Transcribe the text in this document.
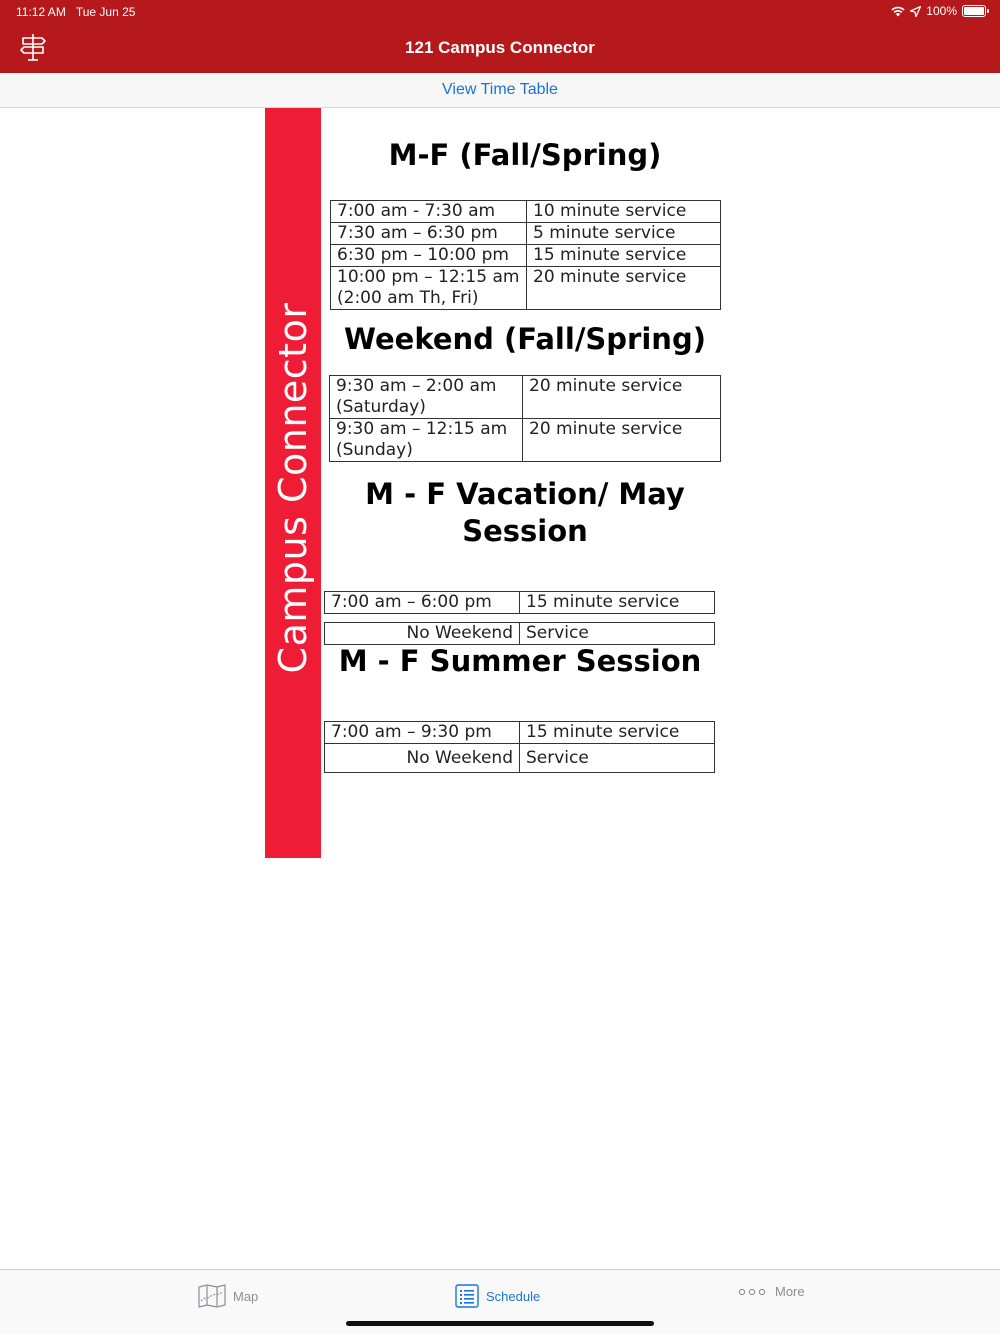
11:12 AM Tue Jun 25	100%
121 Campus Connector
View Time Table
Campus Connector
M-F (Fall/Spring)
7:00 am - 7:30 am	10 minute service
7:30 am – 6:30 pm	5 minute service
6:30 pm – 10:00 pm	15 minute service
10:00 pm – 12:15 am
(2:00 am Th, Fri)	20 minute service
Weekend (Fall/Spring)
9:30 am – 2:00 am
(Saturday)	20 minute service
9:30 am – 12:15 am
(Sunday)	20 minute service
M - F Vacation/ May
Session
7:00 am – 6:00 pm	15 minute service
No Weekend	Service
M - F Summer Session
7:00 am – 9:30 pm	15 minute service
No Weekend	Service
Map	Schedule	More
